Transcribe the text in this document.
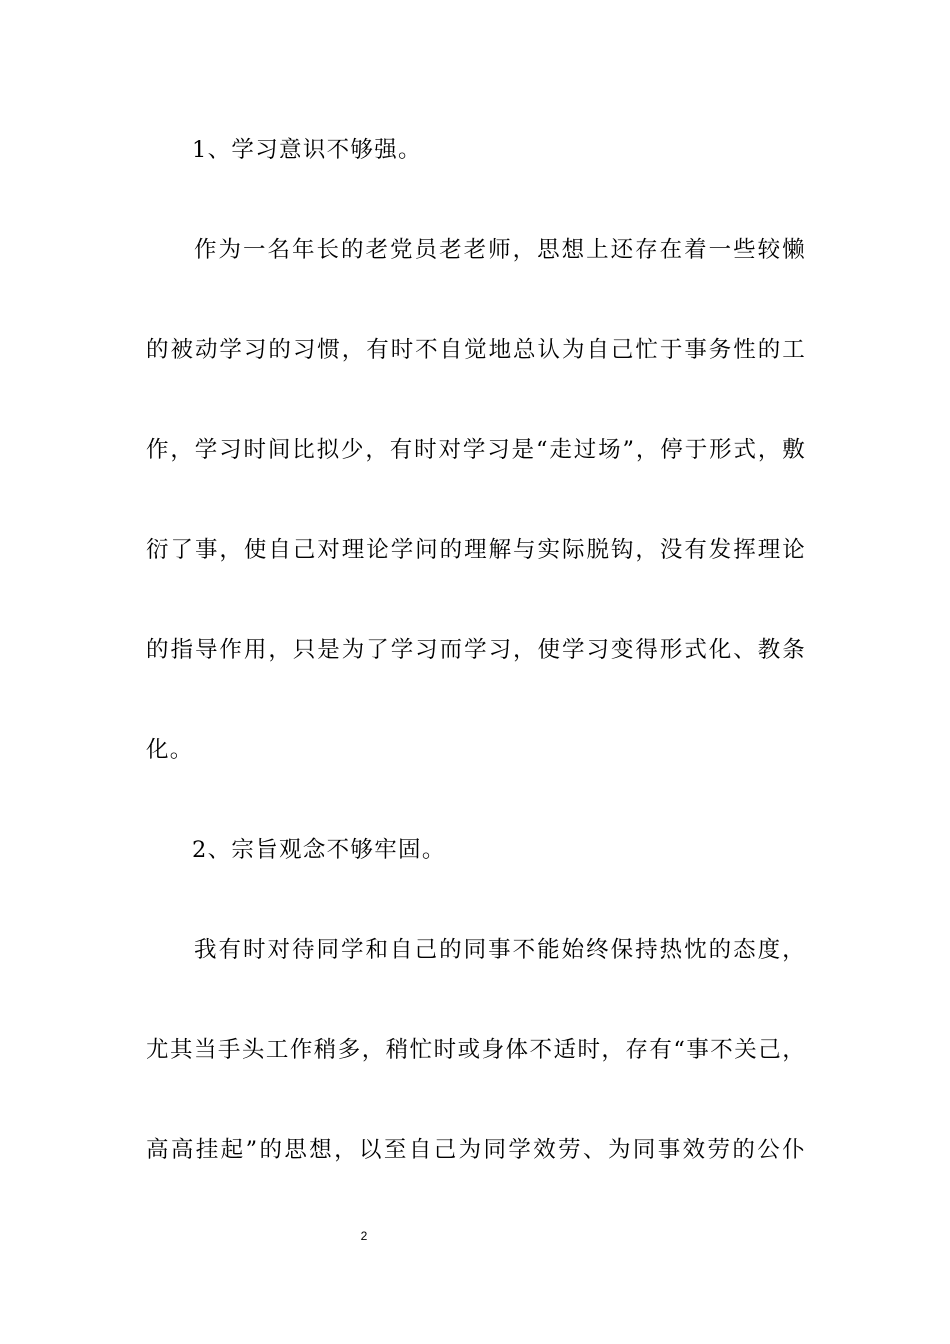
1、学习意识不够强。
作为一名年长的老党员老老师，思想上还存在着一些较懒
的被动学习的习惯，有时不自觉地总认为自己忙于事务性的工
作，学习时间比拟少，有时对学习是“走过场”，停于形式，敷
衍了事，使自己对理论学问的理解与实际脱钩，没有发挥理论
的指导作用，只是为了学习而学习，使学习变得形式化、教条
化。
2、宗旨观念不够牢固。
我有时对待同学和自己的同事不能始终保持热忱的态度，
尤其当手头工作稍多，稍忙时或身体不适时，存有“事不关己，
高高挂起”的思想，以至自己为同学效劳、为同事效劳的公仆
2
